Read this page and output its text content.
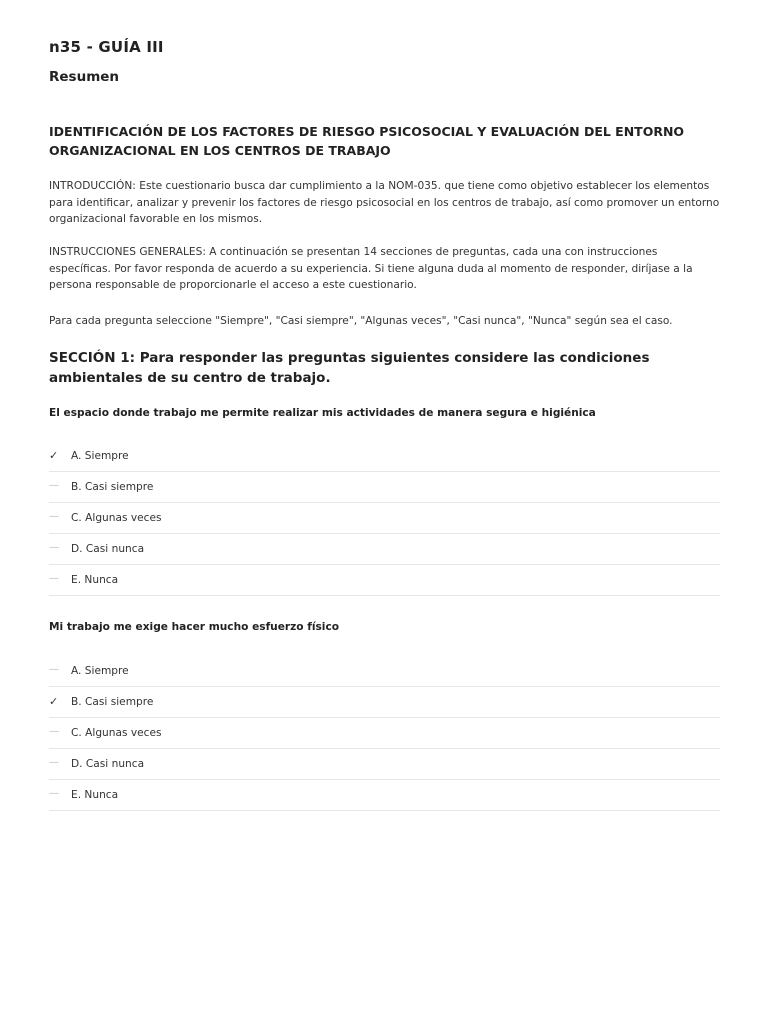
n35 - GUÍA III
Resumen
IDENTIFICACIÓN DE LOS FACTORES DE RIESGO PSICOSOCIAL Y EVALUACIÓN DEL ENTORNO ORGANIZACIONAL EN LOS CENTROS DE TRABAJO

INTRODUCCIÓN: Este cuestionario busca dar cumplimiento a la NOM-035. que tiene como objetivo establecer los elementos para identificar, analizar y prevenir los factores de riesgo psicosocial en los centros de trabajo, así como promover un entorno organizacional favorable en los mismos.

INSTRUCCIONES GENERALES: A continuación se presentan 14 secciones de preguntas, cada una con instrucciones específicas. Por favor responda de acuerdo a su experiencia. Si tiene alguna duda al momento de responder, diríjase a la persona responsable de proporcionarle el acceso a este cuestionario.

Para cada pregunta seleccione "Siempre", "Casi siempre", "Algunas veces", "Casi nunca", "Nunca" según sea el caso.

SECCIÓN 1: Para responder las preguntas siguientes considere las condiciones ambientales de su centro de trabajo.

El espacio donde trabajo me permite realizar mis actividades de manera segura e higiénica

✓	A. Siempre
—	B. Casi siempre
—	C. Algunas veces
—	D. Casi nunca
—	E. Nunca

Mi trabajo me exige hacer mucho esfuerzo físico

—	A. Siempre
✓	B. Casi siempre
—	C. Algunas veces
—	D. Casi nunca
—	E. Nunca
